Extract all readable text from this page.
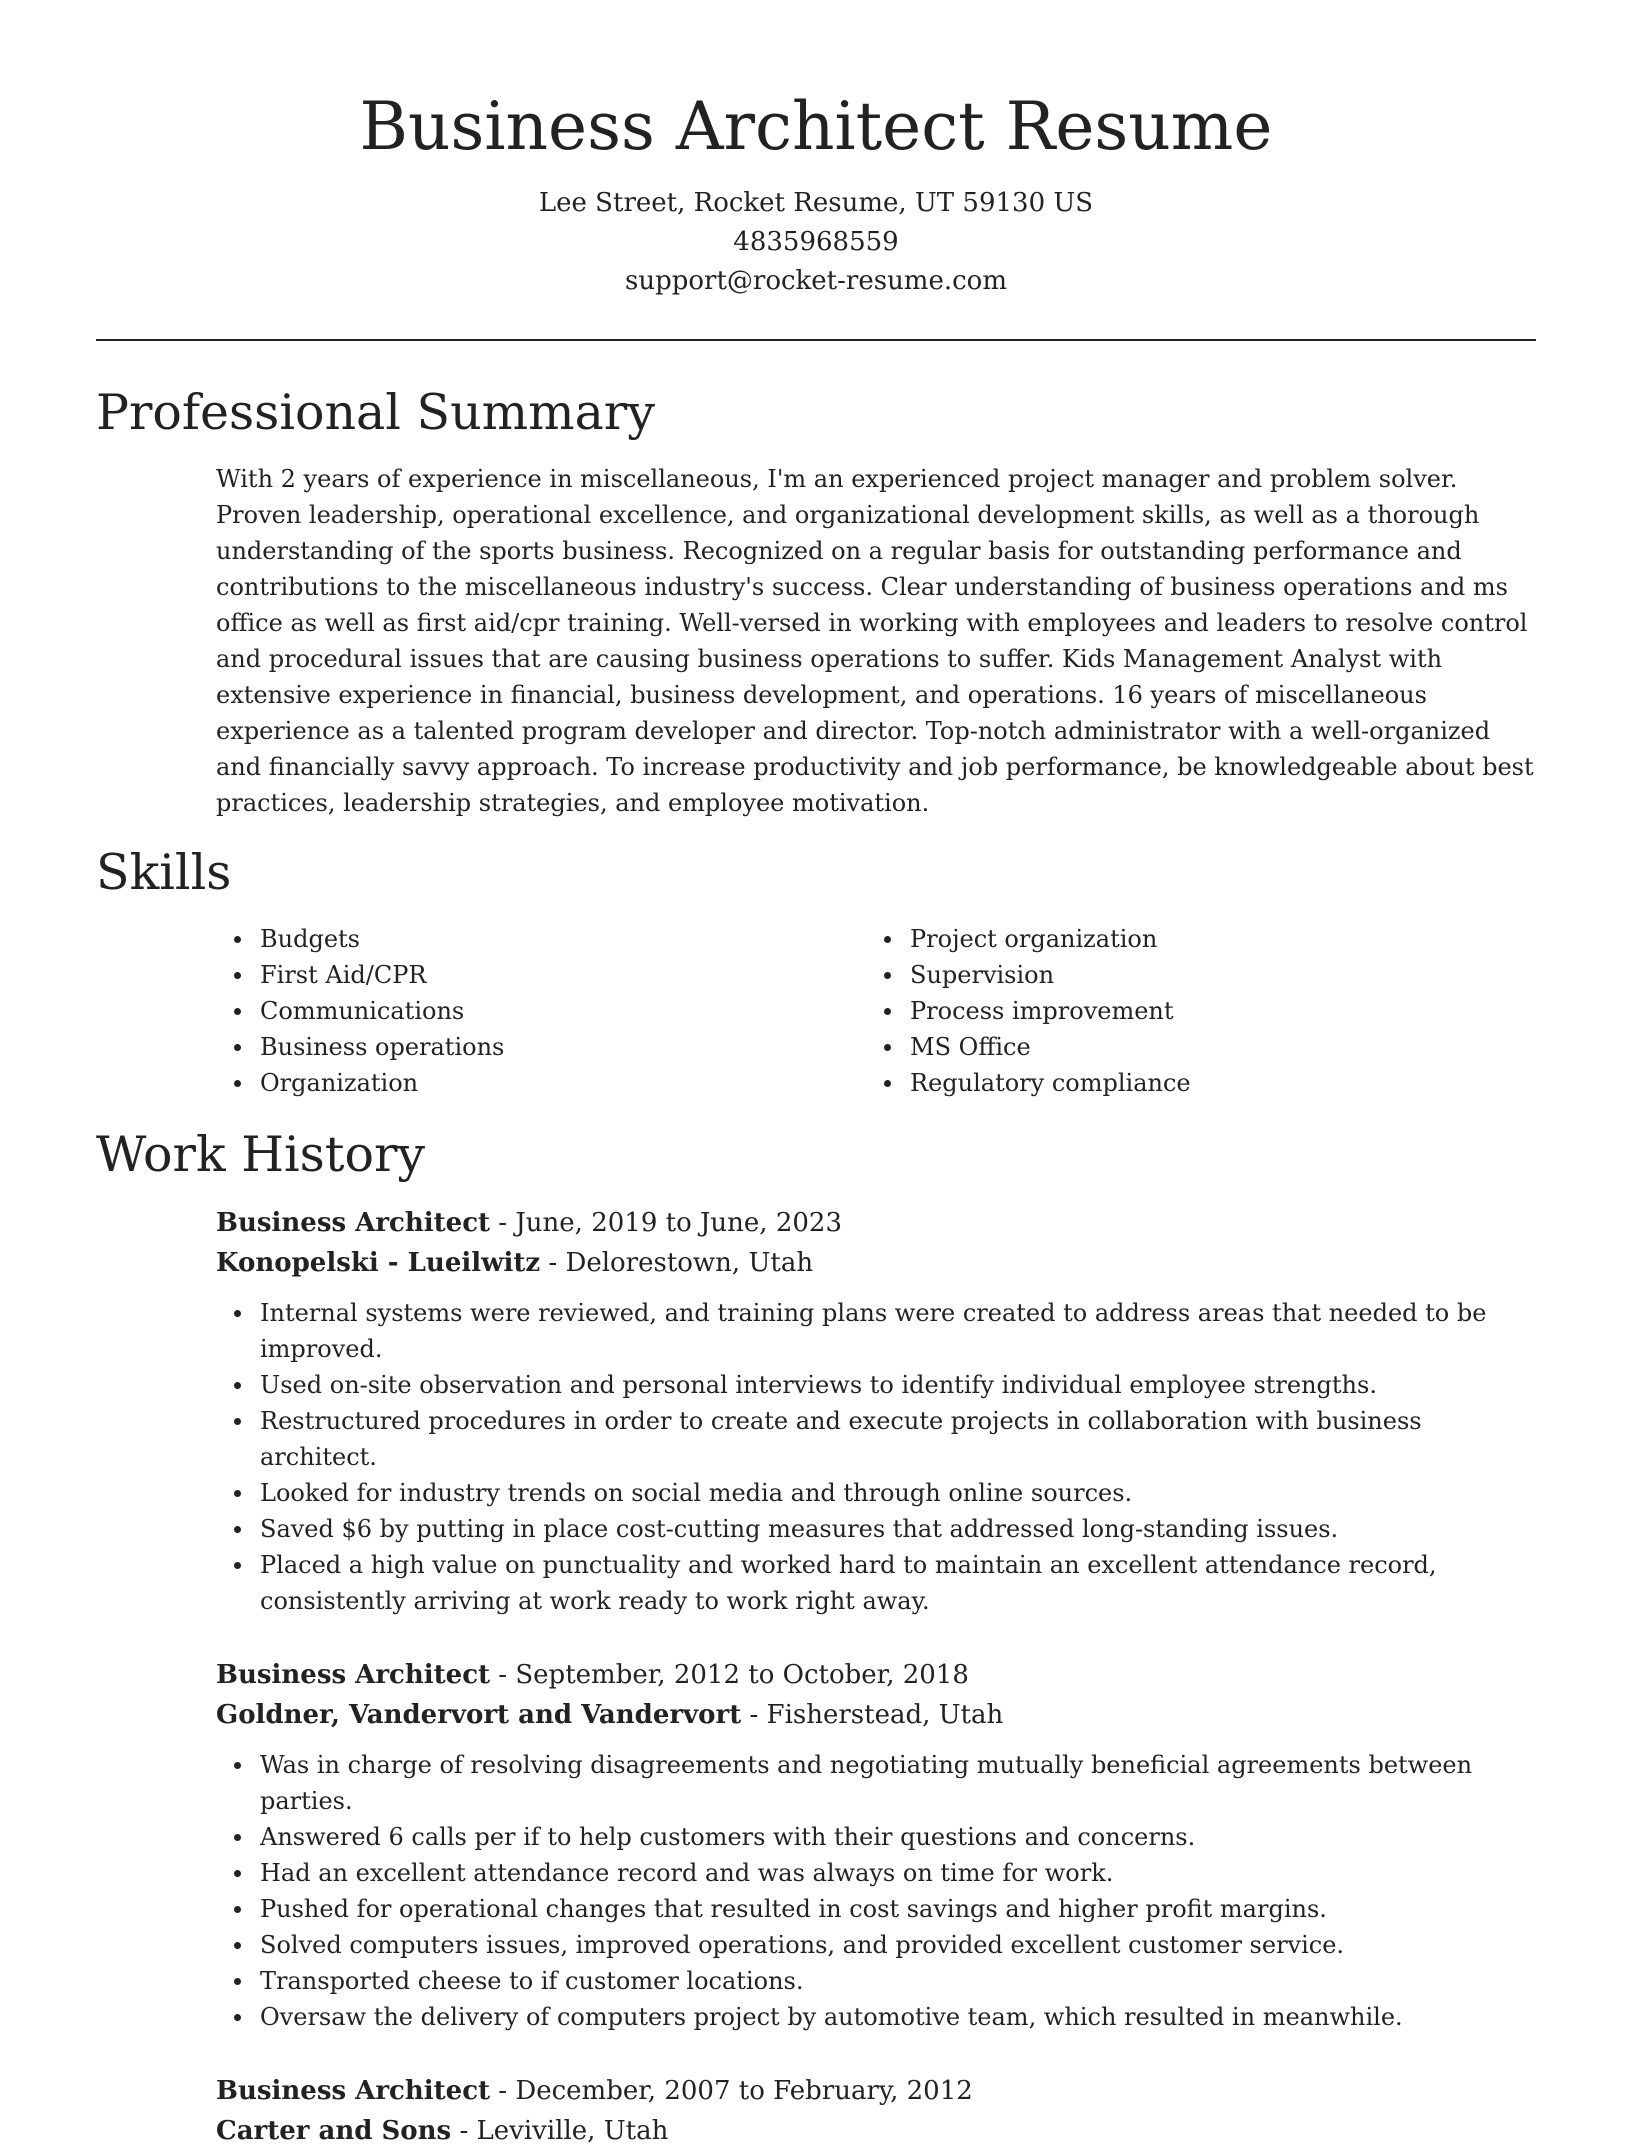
Business Architect Resume
Lee Street, Rocket Resume, UT 59130 US
4835968559
support@rocket-resume.com
Professional Summary

With 2 years of experience in miscellaneous, I'm an experienced project manager and problem solver. Proven leadership, operational excellence, and organizational development skills, as well as a thorough understanding of the sports business. Recognized on a regular basis for outstanding performance and contributions to the miscellaneous industry's success. Clear understanding of business operations and ms office as well as first aid/cpr training. Well-versed in working with employees and leaders to resolve control and procedural issues that are causing business operations to suffer. Kids Management Analyst with extensive experience in financial, business development, and operations. 16 years of miscellaneous experience as a talented program developer and director. Top-notch administrator with a well-organized and financially savvy approach. To increase productivity and job performance, be knowledgeable about best practices, leadership strategies, and employee motivation.

Skills
Budgets
First Aid/CPR
Communications
Business operations
Organization
Project organization
Supervision
Process improvement
MS Office
Regulatory compliance
Work History
Business Architect - June, 2019 to June, 2023
Konopelski - Lueilwitz - Delorestown, Utah
Internal systems were reviewed, and training plans were created to address areas that needed to be improved.
Used on-site observation and personal interviews to identify individual employee strengths.
Restructured procedures in order to create and execute projects in collaboration with business architect.
Looked for industry trends on social media and through online sources.
Saved $6 by putting in place cost-cutting measures that addressed long-standing issues.
Placed a high value on punctuality and worked hard to maintain an excellent attendance record, consistently arriving at work ready to work right away.
Business Architect - September, 2012 to October, 2018
Goldner, Vandervort and Vandervort - Fisherstead, Utah
Was in charge of resolving disagreements and negotiating mutually beneficial agreements between parties.
Answered 6 calls per if to help customers with their questions and concerns.
Had an excellent attendance record and was always on time for work.
Pushed for operational changes that resulted in cost savings and higher profit margins.
Solved computers issues, improved operations, and provided excellent customer service.
Transported cheese to if customer locations.
Oversaw the delivery of computers project by automotive team, which resulted in meanwhile.
Business Architect - December, 2007 to February, 2012
Carter and Sons - Leviville, Utah
